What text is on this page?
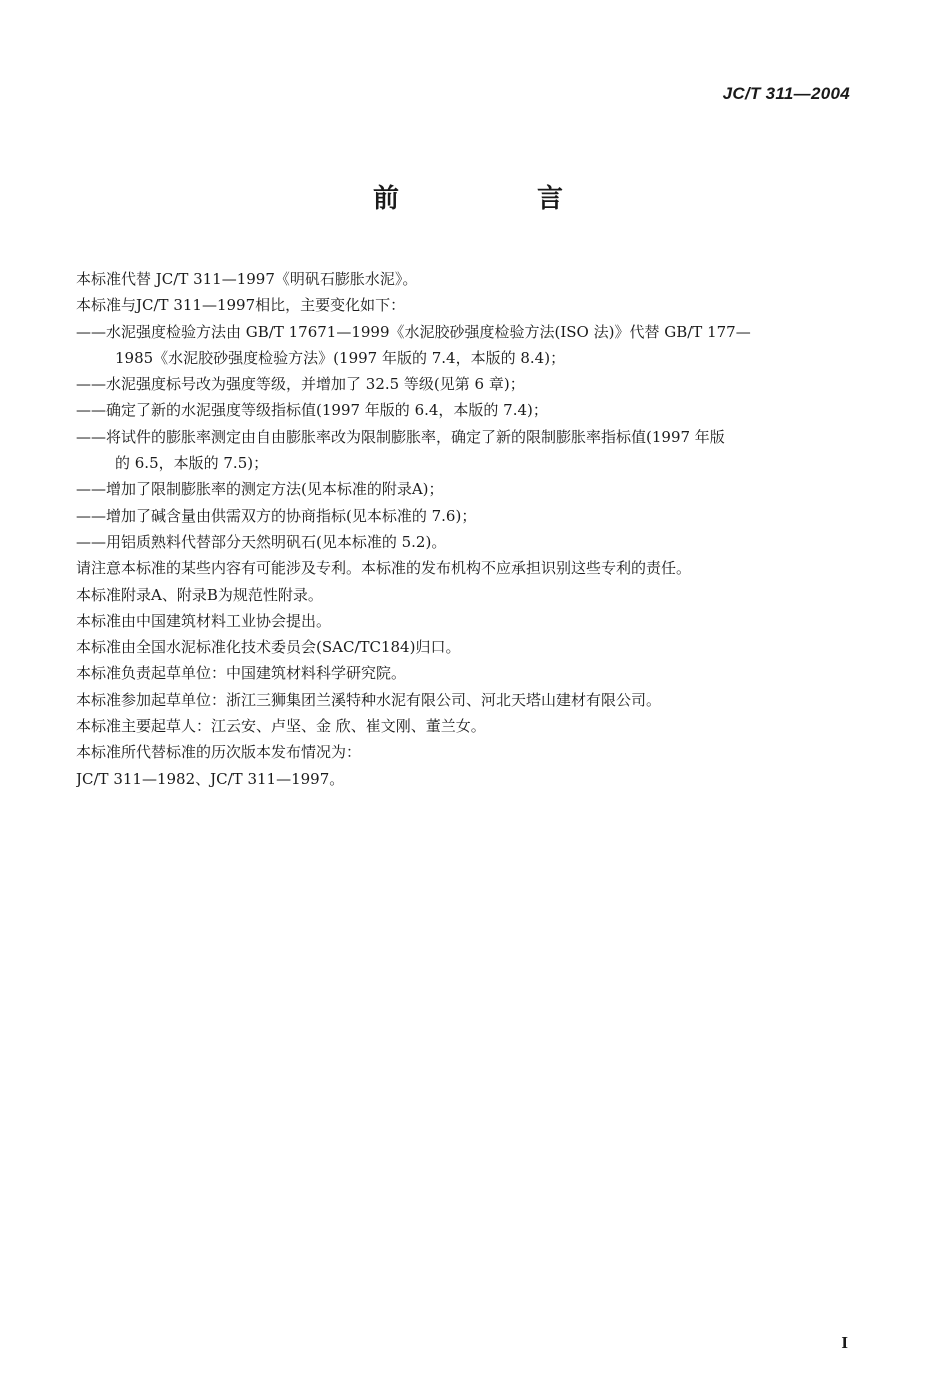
JC/T 311—2004
前　言
本标准代替 JC/T 311—1997《明矾石膨胀水泥》。
本标准与JC/T 311—1997相比，主要变化如下：
——水泥强度检验方法由 GB/T 17671—1999《水泥胶砂强度检验方法(ISO 法)》代替 GB/T 177—
1985《水泥胶砂强度检验方法》(1997 年版的 7.4，本版的 8.4)；
——水泥强度标号改为强度等级，并增加了 32.5 等级(见第 6 章)；
——确定了新的水泥强度等级指标值(1997 年版的 6.4，本版的 7.4)；
——将试件的膨胀率测定由自由膨胀率改为限制膨胀率，确定了新的限制膨胀率指标值(1997 年版
的 6.5，本版的 7.5)；
——增加了限制膨胀率的测定方法(见本标准的附录A)；
——增加了碱含量由供需双方的协商指标(见本标准的 7.6)；
——用铝质熟料代替部分天然明矾石(见本标准的 5.2)。
请注意本标准的某些内容有可能涉及专利。本标准的发布机构不应承担识别这些专利的责任。
本标准附录A、附录B为规范性附录。
本标准由中国建筑材料工业协会提出。
本标准由全国水泥标准化技术委员会(SAC/TC184)归口。
本标准负责起草单位：中国建筑材料科学研究院。
本标准参加起草单位：浙江三狮集团兰溪特种水泥有限公司、河北天塔山建材有限公司。
本标准主要起草人：江云安、卢坚、金 欣、崔文刚、董兰女。
本标准所代替标准的历次版本发布情况为：
JC/T 311—1982、JC/T 311—1997。
I
